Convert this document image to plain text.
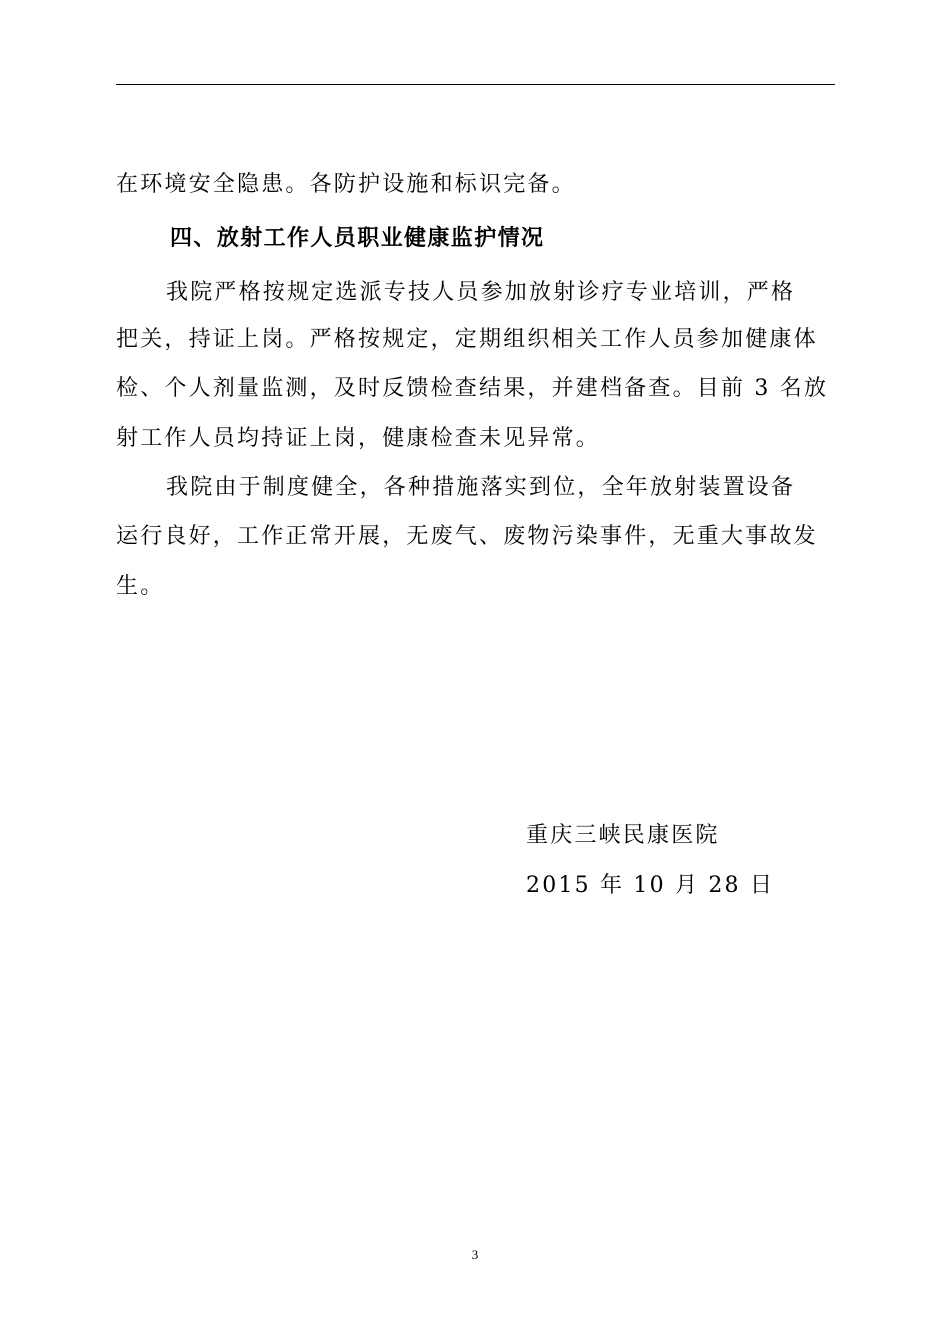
在环境安全隐患。各防护设施和标识完备。
四、放射工作人员职业健康监护情况
我院严格按规定选派专技人员参加放射诊疗专业培训，严格
把关，持证上岗。严格按规定，定期组织相关工作人员参加健康体
检、个人剂量监测，及时反馈检查结果，并建档备查。目前 3 名放
射工作人员均持证上岗，健康检查未见异常。
我院由于制度健全，各种措施落实到位，全年放射装置设备
运行良好，工作正常开展，无废气、废物污染事件，无重大事故发
生。
重庆三峡民康医院
2015 年 10 月 28 日
3
